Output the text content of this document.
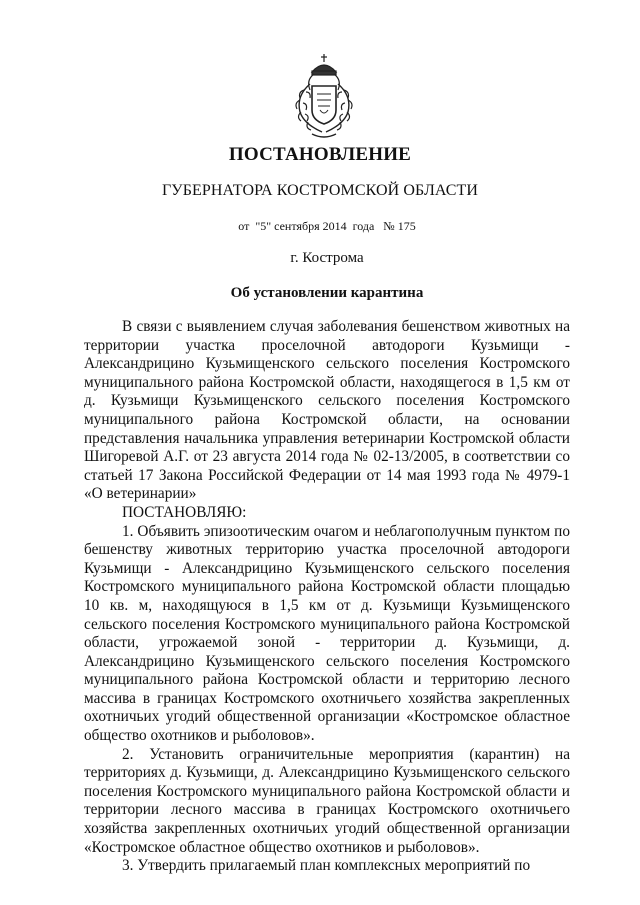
ПОСТАНОВЛЕНИЕ
ГУБЕРНАТОРА КОСТРОМСКОЙ ОБЛАСТИ
от  "5" сентября 2014  года   № 175
г. Кострома
Об установлении карантина

В связи с выявлением случая заболевания бешенством животных на территории участка проселочной автодороги Кузьмищи - Александрицино Кузьмищенского сельского поселения Костромского муниципального района Костромской области, находящегося в 1,5 км от д. Кузьмищи Кузьмищенского сельского поселения Костромского муниципального района Костромской области, на основании представления начальника управления ветеринарии Костромской области Шигоревой А.Г. от 23 августа 2014 года № 02-13/2005, в соответствии со статьей 17 Закона Российской Федерации от 14 мая 1993 года № 4979-1 «О ветеринарии»

ПОСТАНОВЛЯЮ:

1. Объявить эпизоотическим очагом и неблагополучным пунктом по бешенству животных территорию участка проселочной автодороги Кузьмищи - Александрицино Кузьмищенского сельского поселения Костромского муниципального района Костромской области площадью 10 кв. м, находящуюся в 1,5 км от д. Кузьмищи Кузьмищенского сельского поселения Костромского муниципального района Костромской области, угрожаемой зоной - территории д. Кузьмищи, д. Александрицино Кузьмищенского сельского поселения Костромского муниципального района Костромской области и территорию лесного массива в границах Костромского охотничьего хозяйства закрепленных охотничьих угодий общественной организации «Костромское областное общество охотников и рыболовов».

2. Установить ограничительные мероприятия (карантин) на территориях д. Кузьмищи, д. Александрицино Кузьмищенского сельского поселения Костромского муниципального района Костромской области и территории лесного массива в границах Костромского охотничьего хозяйства закрепленных охотничьих угодий общественной организации «Костромское областное общество охотников и рыболовов».

3. Утвердить прилагаемый план комплексных мероприятий по
